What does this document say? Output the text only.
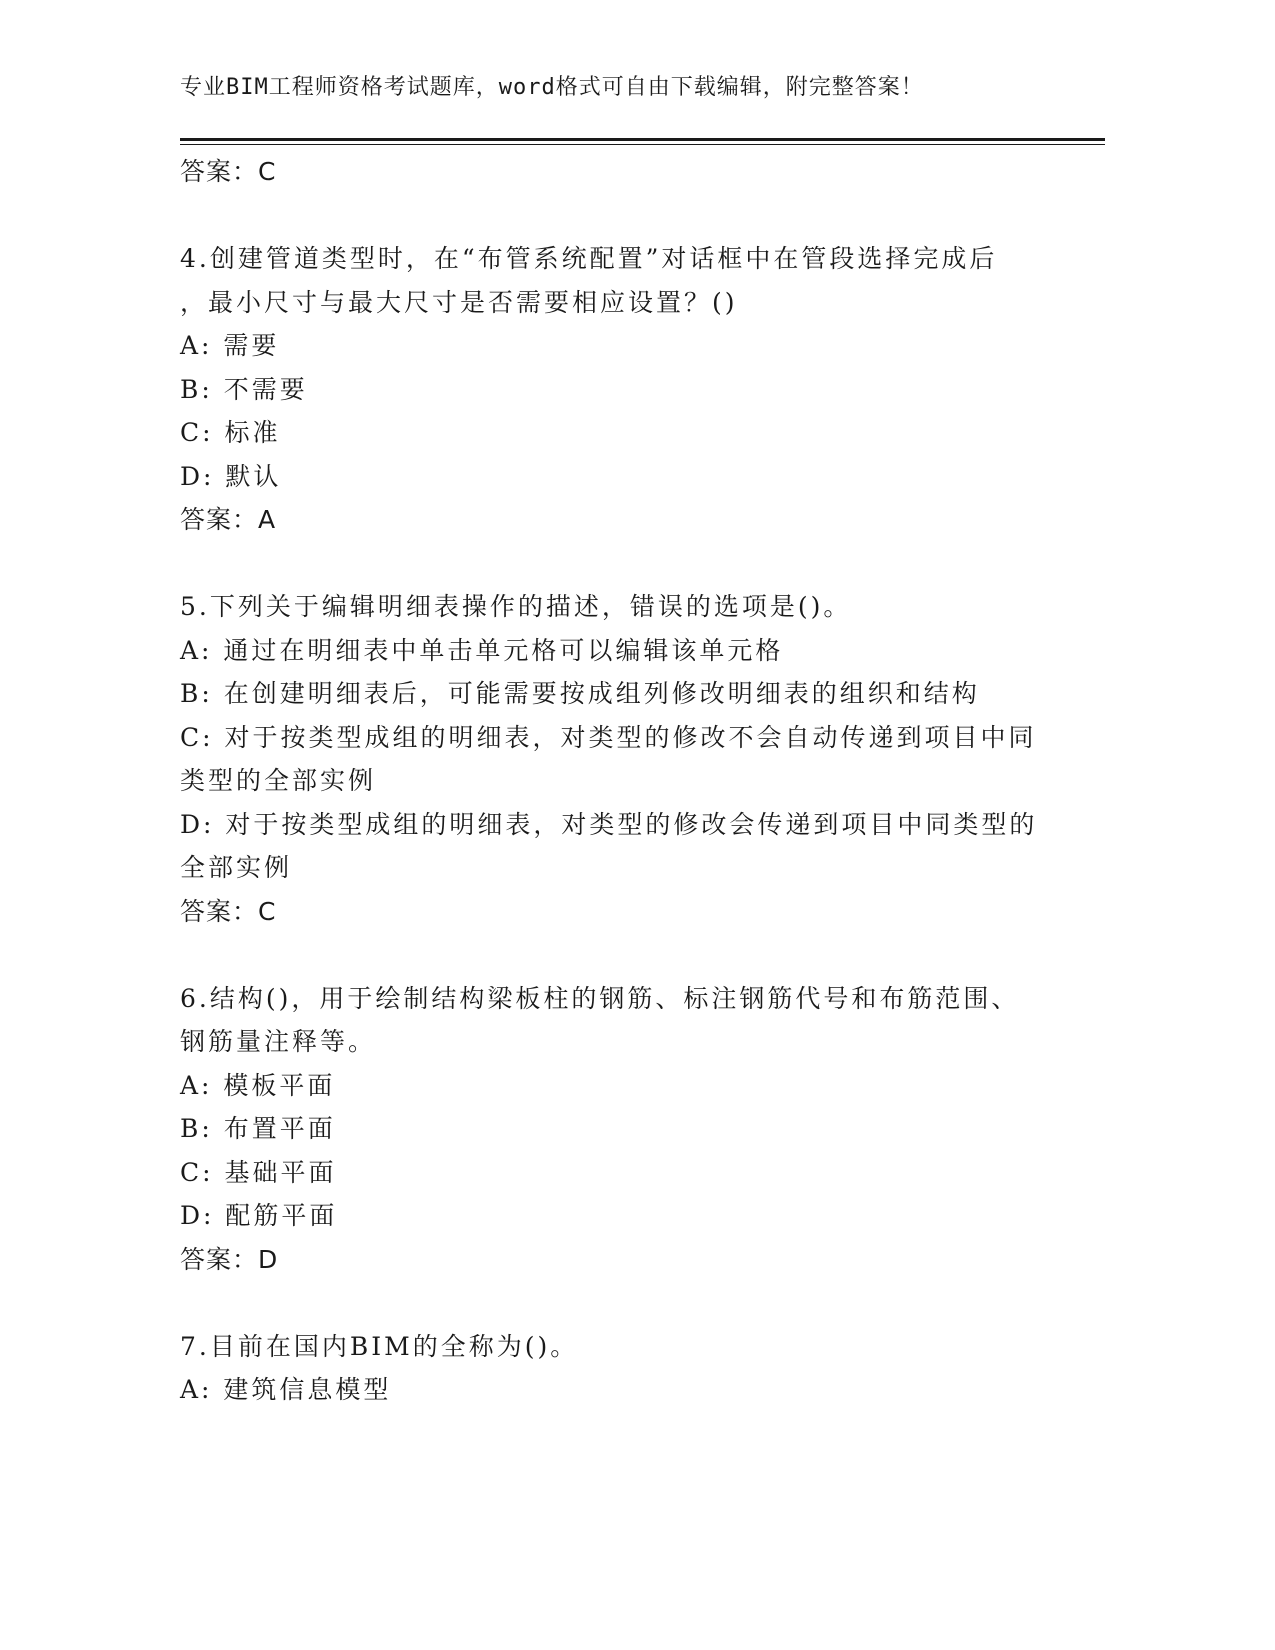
专业BIM工程师资格考试题库，word格式可自由下载编辑，附完整答案！
答案：C
4.创建管道类型时，在“布管系统配置”对话框中在管段选择完成后
，最小尺寸与最大尺寸是否需要相应设置？()
A: 需要
B: 不需要
C: 标准
D: 默认
答案：A
5.下列关于编辑明细表操作的描述，错误的选项是()。
A: 通过在明细表中单击单元格可以编辑该单元格
B: 在创建明细表后，可能需要按成组列修改明细表的组织和结构
C: 对于按类型成组的明细表，对类型的修改不会自动传递到项目中同
类型的全部实例
D: 对于按类型成组的明细表，对类型的修改会传递到项目中同类型的
全部实例
答案：C
6.结构()，用于绘制结构梁板柱的钢筋、标注钢筋代号和布筋范围、
钢筋量注释等。
A: 模板平面
B: 布置平面
C: 基础平面
D: 配筋平面
答案：D
7.目前在国内BIM的全称为()。
A: 建筑信息模型
